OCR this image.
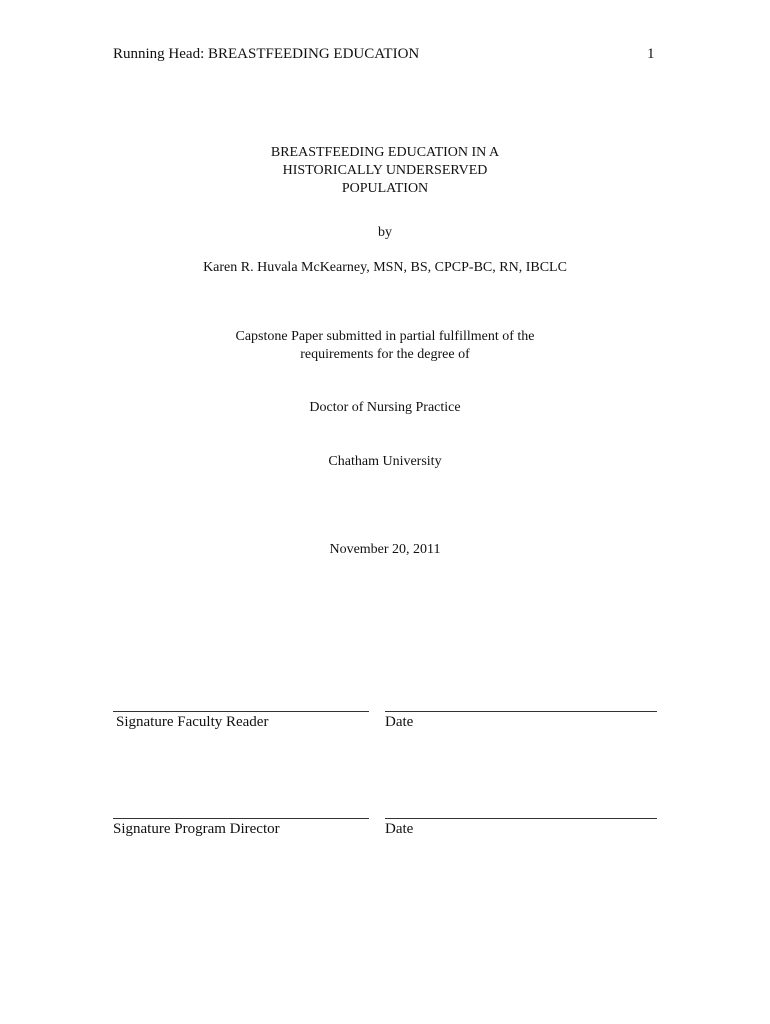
Running Head: BREASTFEEDING EDUCATION	1
BREASTFEEDING EDUCATION IN A
HISTORICALLY UNDERSERVED
POPULATION
by
Karen R. Huvala McKearney, MSN, BS, CPCP-BC, RN, IBCLC
Capstone Paper submitted in partial fulfillment of the
requirements for the degree of
Doctor of Nursing Practice
Chatham University
November 20, 2011
Signature Faculty Reader	Date
Signature Program Director	Date
